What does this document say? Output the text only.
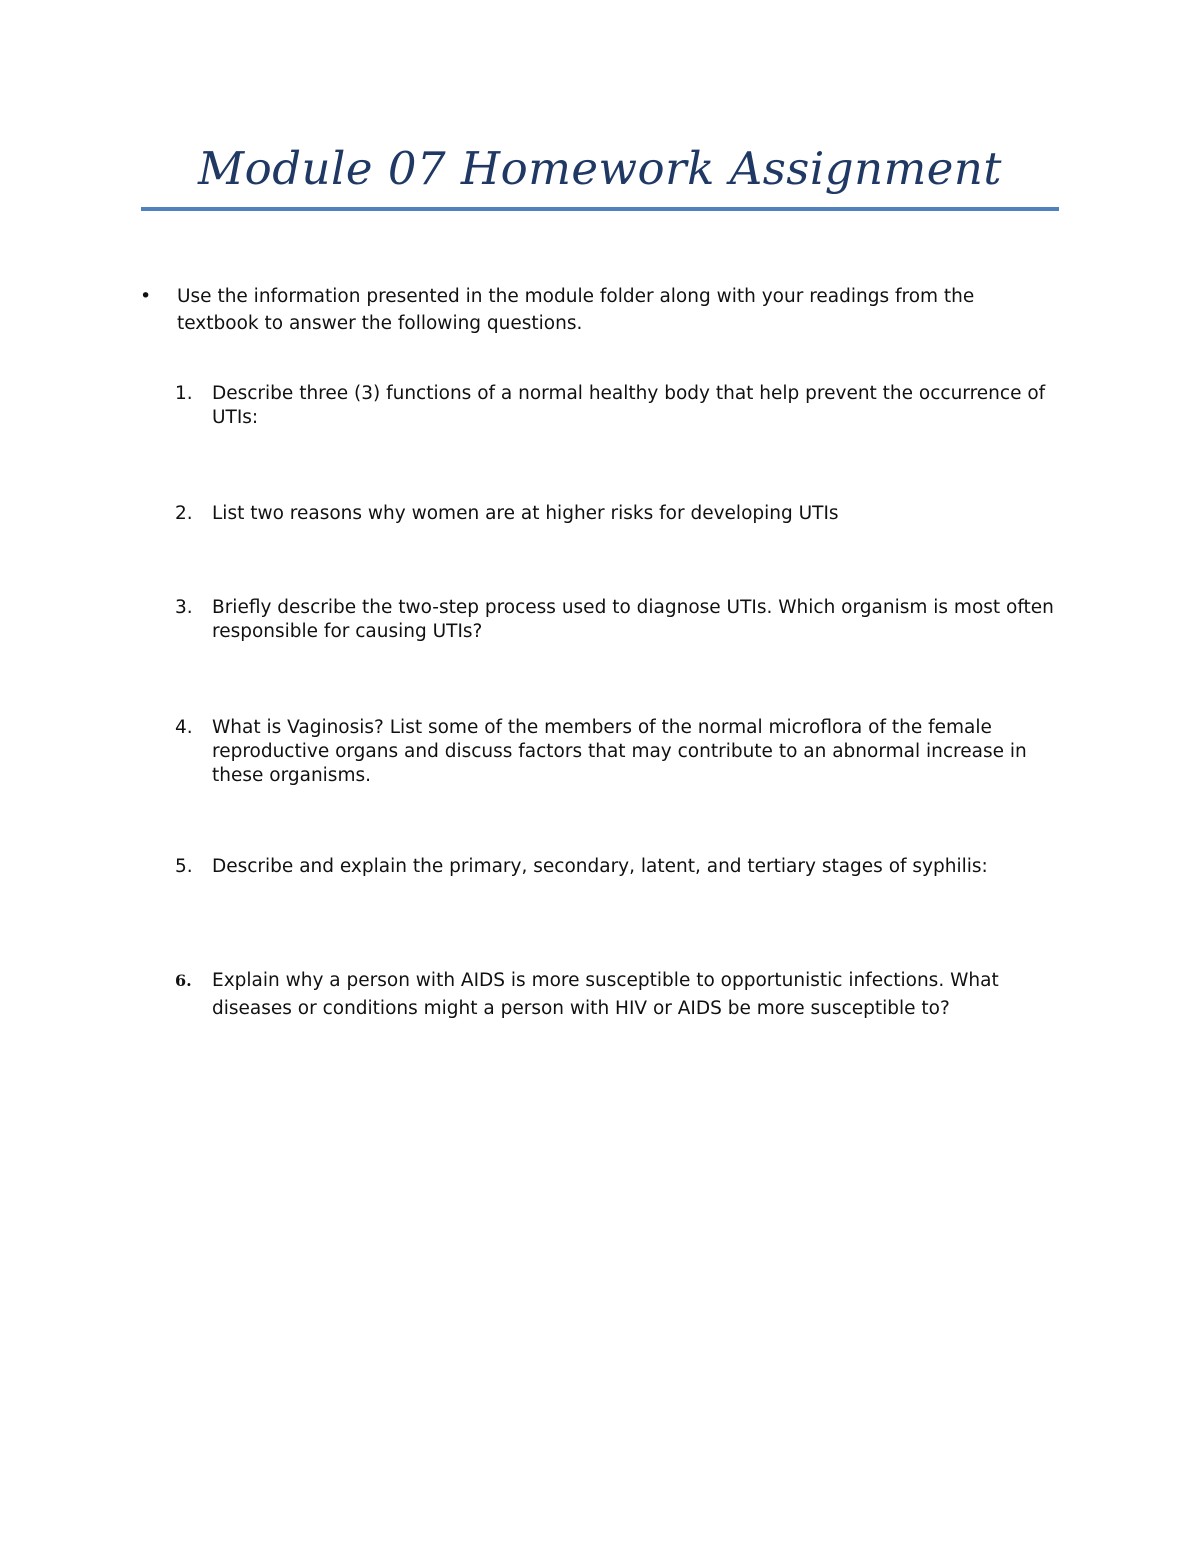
Module 07 Homework Assignment
• Use the information presented in the module folder along with your readings from the textbook to answer the following questions.
1. Describe three (3) functions of a normal healthy body that help prevent the occurrence of UTIs:
2. List two reasons why women are at higher risks for developing UTIs
3. Briefly describe the two-step process used to diagnose UTIs. Which organism is most often responsible for causing UTIs?
4. What is Vaginosis? List some of the members of the normal microflora of the female reproductive organs and discuss factors that may contribute to an abnormal increase in these organisms.
5. Describe and explain the primary, secondary, latent, and tertiary stages of syphilis:
6. Explain why a person with AIDS is more susceptible to opportunistic infections. What diseases or conditions might a person with HIV or AIDS be more susceptible to?
